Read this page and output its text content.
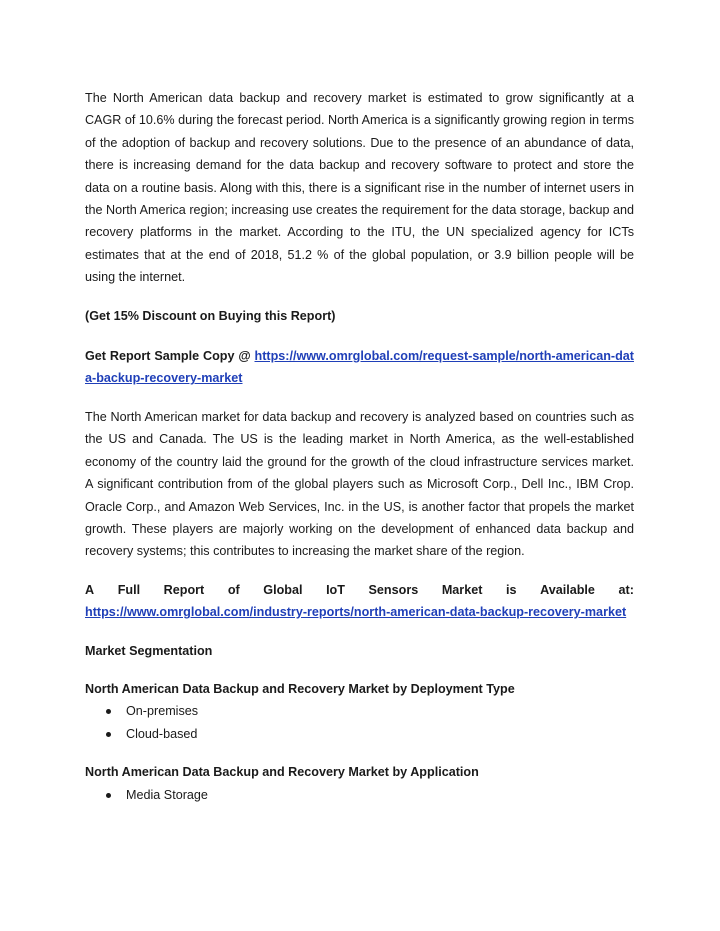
The North American data backup and recovery market is estimated to grow significantly at a CAGR of 10.6% during the forecast period. North America is a significantly growing region in terms of the adoption of backup and recovery solutions. Due to the presence of an abundance of data, there is increasing demand for the data backup and recovery software to protect and store the data on a routine basis. Along with this, there is a significant rise in the number of internet users in the North America region; increasing use creates the requirement for the data storage, backup and recovery platforms in the market. According to the ITU, the UN specialized agency for ICTs estimates that at the end of 2018, 51.2 % of the global population, or 3.9 billion people will be using the internet.

(Get 15% Discount on Buying this Report)

Get Report Sample Copy @ https://www.omrglobal.com/request-sample/north-american-data-backup-recovery-market

The North American market for data backup and recovery is analyzed based on countries such as the US and Canada. The US is the leading market in North America, as the well-established economy of the country laid the ground for the growth of the cloud infrastructure services market. A significant contribution from of the global players such as Microsoft Corp., Dell Inc., IBM Crop. Oracle Corp., and Amazon Web Services, Inc. in the US, is another factor that propels the market growth. These players are majorly working on the development of enhanced data backup and recovery systems; this contributes to increasing the market share of the region.

A Full Report of Global IoT Sensors Market is Available at:

https://www.omrglobal.com/industry-reports/north-american-data-backup-recovery-market

Market Segmentation

North American Data Backup and Recovery Market by Deployment Type

On-premises
Cloud-based

North American Data Backup and Recovery Market by Application

Media Storage
